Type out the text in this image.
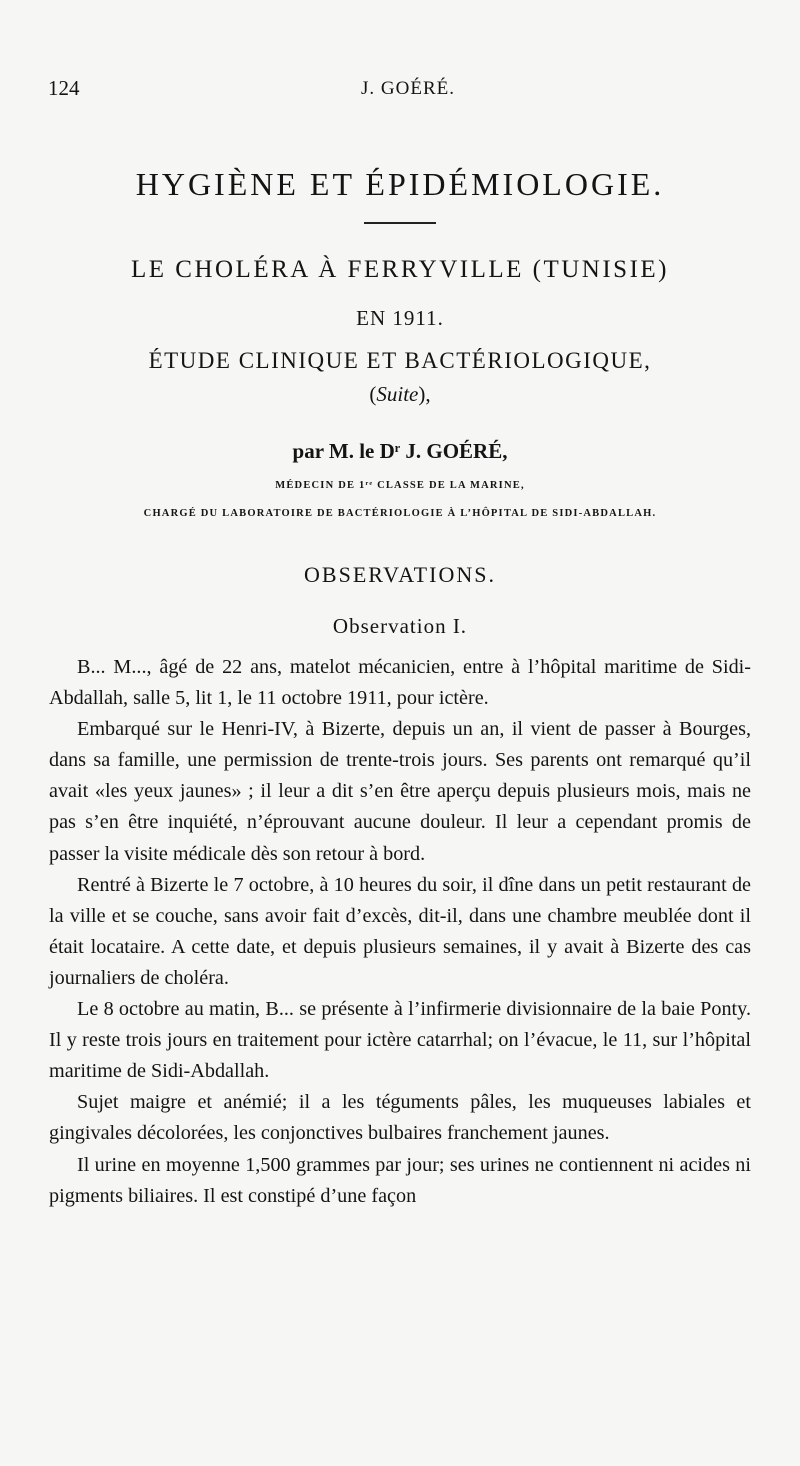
124	J. GOÉRÉ.
HYGIÈNE ET ÉPIDÉMIOLOGIE.
LE CHOLÉRA À FERRYVILLE (TUNISIE)
EN 1911.
ÉTUDE CLINIQUE ET BACTÉRIOLOGIQUE,
(Suite),
par M. le Dʳ J. GOÉRÉ,
MÉDECIN DE 1ʳᵉ CLASSE DE LA MARINE,
CHARGÉ DU LABORATOIRE DE BACTÉRIOLOGIE À L’HÔPITAL DE SIDI-ABDALLAH.
OBSERVATIONS.
Observation I.

B... M..., âgé de 22 ans, matelot mécanicien, entre à l’hôpital maritime de Sidi-Abdallah, salle 5, lit 1, le 11 octobre 1911, pour ictère.

Embarqué sur le Henri-IV, à Bizerte, depuis un an, il vient de passer à Bourges, dans sa famille, une permission de trente-trois jours. Ses parents ont remarqué qu’il avait «les yeux jaunes» ; il leur a dit s’en être aperçu depuis plusieurs mois, mais ne pas s’en être inquiété, n’éprouvant aucune douleur. Il leur a cependant promis de passer la visite médicale dès son retour à bord.

Rentré à Bizerte le 7 octobre, à 10 heures du soir, il dîne dans un petit restaurant de la ville et se couche, sans avoir fait d’excès, dit-il, dans une chambre meublée dont il était locataire. A cette date, et depuis plusieurs semaines, il y avait à Bizerte des cas journaliers de choléra.

Le 8 octobre au matin, B... se présente à l’infirmerie divisionnaire de la baie Ponty. Il y reste trois jours en traitement pour ictère catarrhal; on l’évacue, le 11, sur l’hôpital maritime de Sidi-Abdallah.

Sujet maigre et anémié; il a les téguments pâles, les muqueuses labiales et gingivales décolorées, les conjonctives bulbaires franchement jaunes.

Il urine en moyenne 1,500 grammes par jour; ses urines ne contiennent ni acides ni pigments biliaires. Il est constipé d’une façon
